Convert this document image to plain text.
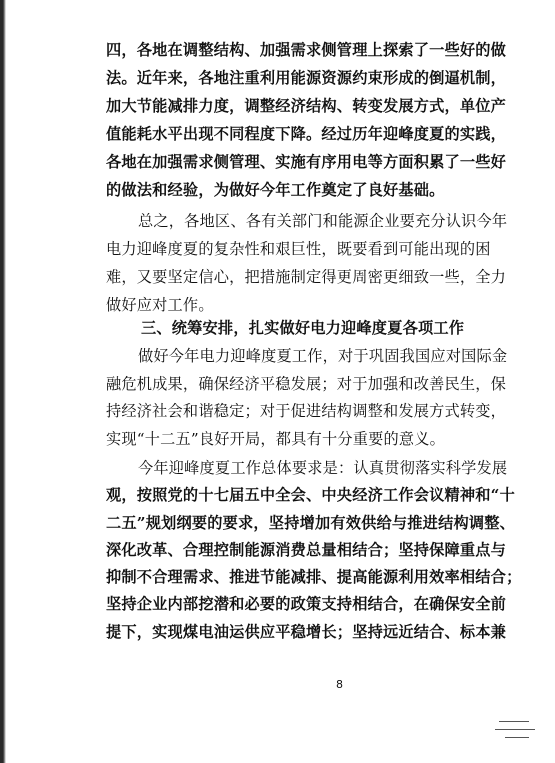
四，各地在调整结构、加强需求侧管理上探索了一些好的做
法。近年来，各地注重利用能源资源约束形成的倒逼机制，
加大节能减排力度，调整经济结构、转变发展方式，单位产
值能耗水平出现不同程度下降。经过历年迎峰度夏的实践，
各地在加强需求侧管理、实施有序用电等方面积累了一些好
的做法和经验，为做好今年工作奠定了良好基础。
总之，各地区、各有关部门和能源企业要充分认识今年
电力迎峰度夏的复杂性和艰巨性，既要看到可能出现的困
难，又要坚定信心，把措施制定得更周密更细致一些，全力
做好应对工作。
三、统筹安排，扎实做好电力迎峰度夏各项工作
做好今年电力迎峰度夏工作，对于巩固我国应对国际金
融危机成果，确保经济平稳发展；对于加强和改善民生，保
持经济社会和谐稳定；对于促进结构调整和发展方式转变，
实现“十二五”良好开局，都具有十分重要的意义。
今年迎峰度夏工作总体要求是：认真贯彻落实科学发展
观，按照党的十七届五中全会、中央经济工作会议精神和“十
二五”规划纲要的要求，坚持增加有效供给与推进结构调整、
深化改革、合理控制能源消费总量相结合；坚持保障重点与
抑制不合理需求、推进节能减排、提高能源利用效率相结合；
坚持企业内部挖潜和必要的政策支持相结合，在确保安全前
提下，实现煤电油运供应平稳增长；坚持远近结合、标本兼
8
